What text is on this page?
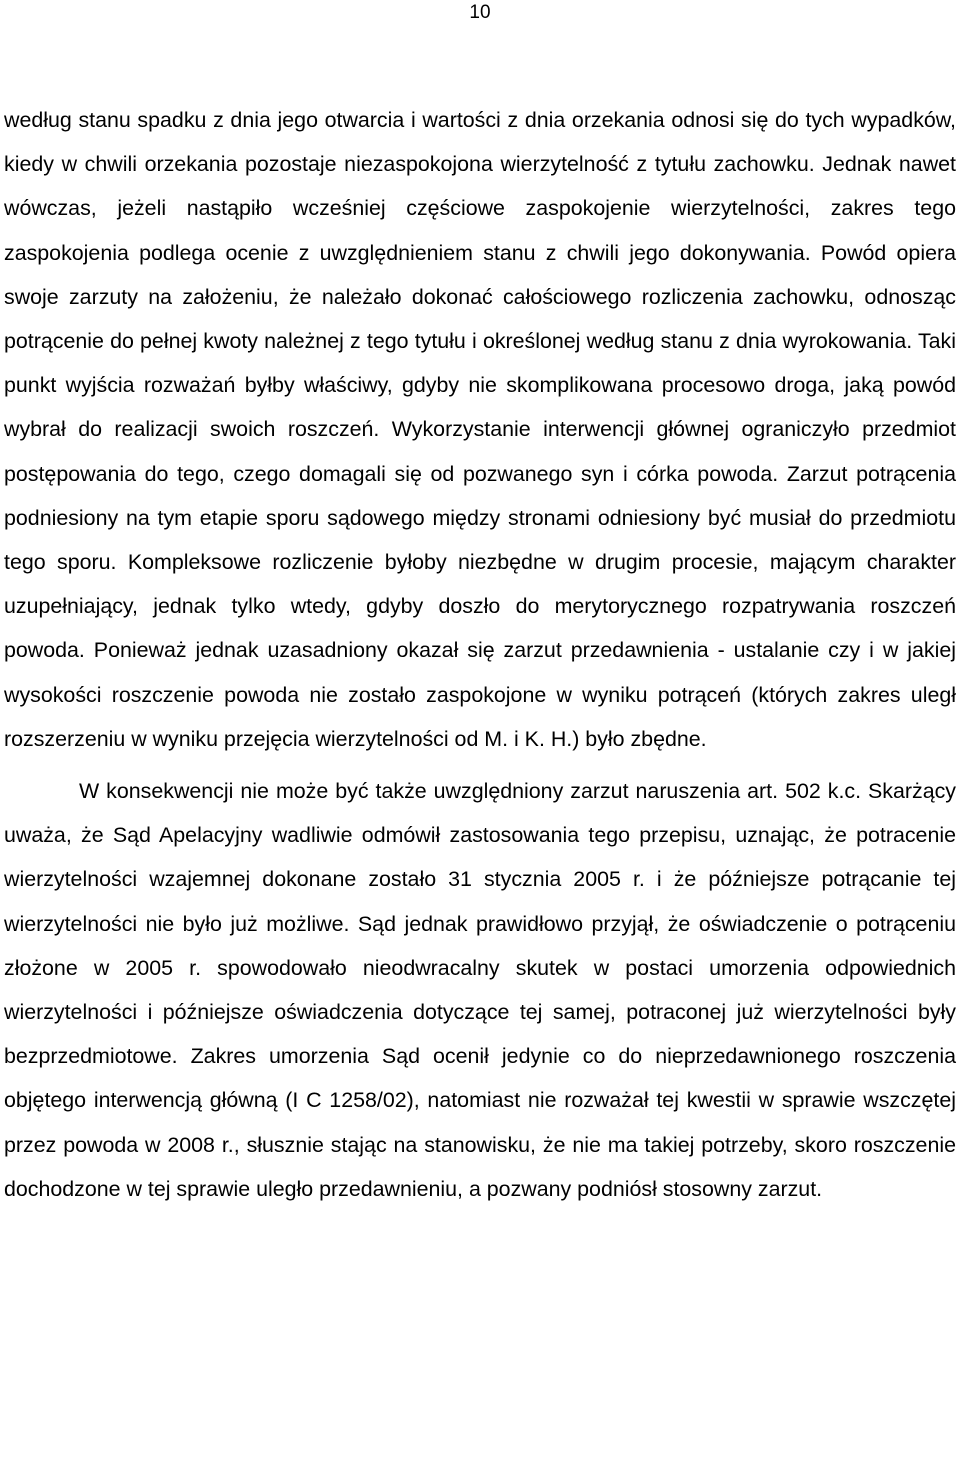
10

według stanu spadku z dnia jego otwarcia i wartości z dnia orzekania odnosi się do tych wypadków, kiedy w chwili orzekania pozostaje niezaspokojona wierzytelność z tytułu zachowku. Jednak nawet wówczas, jeżeli nastąpiło wcześniej częściowe zaspokojenie wierzytelności, zakres tego zaspokojenia podlega ocenie z uwzględnieniem stanu z chwili jego dokonywania. Powód opiera swoje zarzuty na założeniu, że należało dokonać całościowego rozliczenia zachowku, odnosząc potrącenie do pełnej kwoty należnej z tego tytułu i określonej według stanu z dnia wyrokowania. Taki punkt wyjścia rozważań byłby właściwy, gdyby nie skomplikowana procesowo droga, jaką powód wybrał do realizacji swoich roszczeń. Wykorzystanie interwencji głównej ograniczyło przedmiot postępowania do tego, czego domagali się od pozwanego syn i córka powoda. Zarzut potrącenia podniesiony na tym etapie sporu sądowego między stronami odniesiony być musiał do przedmiotu tego sporu. Kompleksowe rozliczenie byłoby niezbędne w drugim procesie, mającym charakter uzupełniający, jednak tylko wtedy, gdyby doszło do merytorycznego rozpatrywania roszczeń powoda. Ponieważ jednak uzasadniony okazał się zarzut przedawnienia - ustalanie czy i w jakiej wysokości roszczenie powoda nie zostało zaspokojone w wyniku potrąceń (których zakres uległ rozszerzeniu w wyniku przejęcia wierzytelności od M. i K. H.) było zbędne.

W konsekwencji nie może być także uwzględniony zarzut naruszenia art. 502 k.c. Skarżący uważa, że Sąd Apelacyjny wadliwie odmówił zastosowania tego przepisu, uznając, że potracenie wierzytelności wzajemnej dokonane zostało 31 stycznia 2005 r. i że późniejsze potrącanie tej wierzytelności nie było już możliwe. Sąd jednak prawidłowo przyjął, że oświadczenie o potrąceniu złożone w 2005 r. spowodowało nieodwracalny skutek w postaci umorzenia odpowiednich wierzytelności i późniejsze oświadczenia dotyczące tej samej, potraconej już wierzytelności były bezprzedmiotowe. Zakres umorzenia Sąd ocenił jedynie co do nieprzedawnionego roszczenia objętego interwencją główną (I C 1258/02), natomiast nie rozważał tej kwestii w sprawie wszczętej przez powoda w 2008 r., słusznie stając na stanowisku, że nie ma takiej potrzeby, skoro roszczenie dochodzone w tej sprawie uległo przedawnieniu, a pozwany podniósł stosowny zarzut.
